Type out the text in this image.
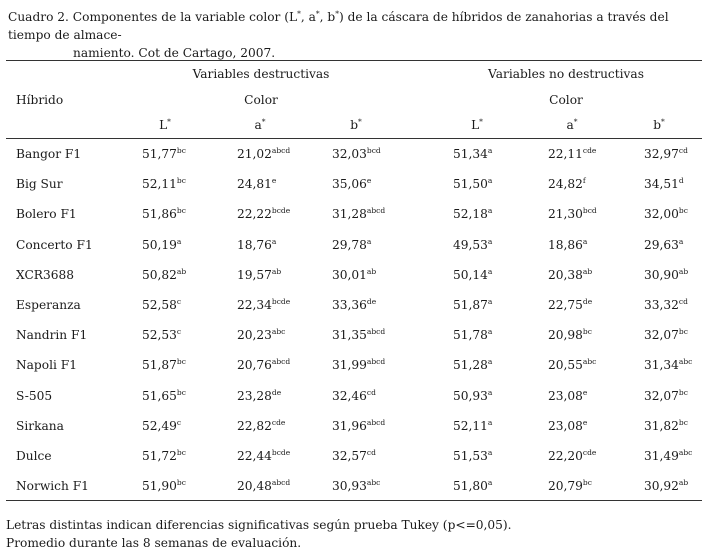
Cuadro 2. Componentes de la variable color (L*, a*, b*) de la cáscara de híbridos de zanahorias a través del tiempo de almace-
namiento. Cot de Cartago, 2007.
Variables destructivas	Variables no destructivas
Híbrido	Color	Color
L*	a*	b*	L*	a*	b*
Bangor F1	51,77$^{bc}$	$21,02^{abcd}$	32,03$^{bcd}$	51,34$^a$	22,11$^{cde}$	32,97$^{cd}$
Big Sur	52,11$^{bc}$	24,81e	35,06e	51,50$^a$	24,82$^f$	34,51$^d$
Bolero F1	51,86$^{bc}$	$22,22^{bcde}$	$31,28^{abcd}$	52,18$^a$	21,30$^{bcd}$	32,00$^{bc}$
Concerto F1	50,19$^a$	18,76$^a$	29,78$^a$	49,53$^a$	18,86$^a$	29,63$^a$
XCR3688	50,82$^{ab}$	19,57$^{ab}$	30,01$^{ab}$	50,14$^a$	20,38$^{ab}$	30,90$^{ab}$
Esperanza	52,58$^c$	$22,34^{bcde}$	33,36de	51,87$^a$	22,75de	33,32$^{cd}$
Nandrin F1	52,53$^c$	20,23$^{abc}$	$31,35^{abcd}$	51,78$^a$	20,98$^{bc}$	32,07$^{bc}$
Napoli F1	51,87$^{bc}$	$20,76^{abcd}$	$31,99^{abcd}$	51,28$^a$	20,55$^{abc}$	31,34$^{abc}$
S-505	51,65$^{bc}$	23,28de	32,46$^{cd}$	50,93$^a$	23,08e	32,07$^{bc}$
Sirkana	52,49$^c$	22,82$^{cde}$	$31,96^{abcd}$	52,11$^a$	23,08e	31,82$^{bc}$
Dulce	51,72$^{bc}$	$22,44^{bcde}$	32,57$^{cd}$	51,53$^a$	22,20$^{cde}$	31,49$^{abc}$
Norwich F1	51,90$^{bc}$	$20,48^{abcd}$	30,93$^{abc}$	51,80$^a$	20,79$^{bc}$	30,92$^{ab}$
Letras distintas indican diferencias significativas según prueba Tukey (p<=0,05).
Promedio durante las 8 semanas de evaluación.
